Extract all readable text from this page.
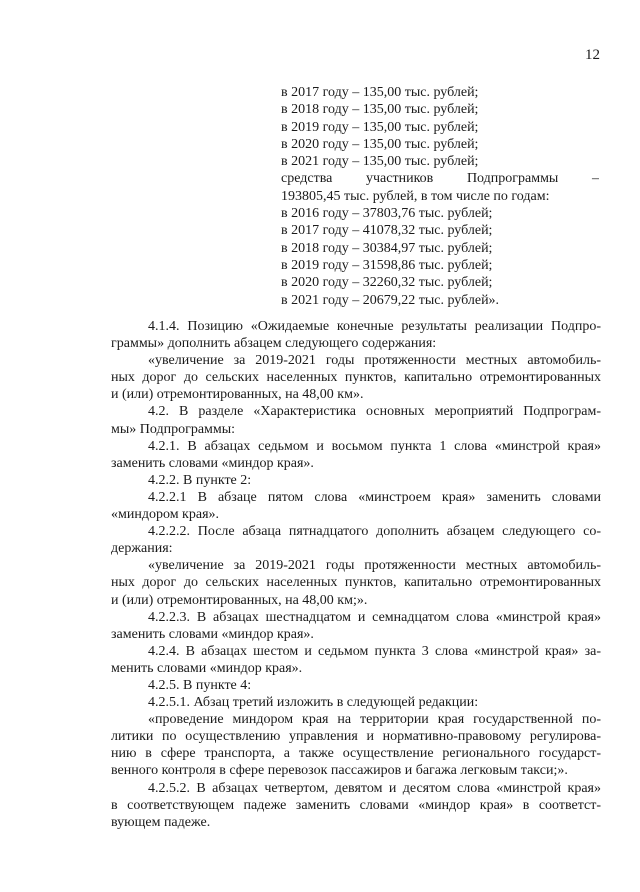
12
в 2017 году – 135,00 тыс. рублей;
в 2018 году – 135,00 тыс. рублей;
в 2019 году – 135,00 тыс. рублей;
в 2020 году – 135,00 тыс. рублей;
в 2021 году – 135,00 тыс. рублей;
средства участников Подпрограммы –
193805,45 тыс. рублей, в том числе по годам:
в 2016 году – 37803,76 тыс. рублей;
в 2017 году – 41078,32 тыс. рублей;
в 2018 году – 30384,97 тыс. рублей;
в 2019 году – 31598,86 тыс. рублей;
в 2020 году – 32260,32 тыс. рублей;
в 2021 году – 20679,22 тыс. рублей».
4.1.4. Позицию «Ожидаемые конечные результаты реализации Подпро-
граммы» дополнить абзацем следующего содержания:
«увеличение за 2019-2021 годы протяженности местных автомобиль-
ных дорог до сельских населенных пунктов, капитально отремонтированных
и (или) отремонтированных, на 48,00 км».
4.2. В разделе «Характеристика основных мероприятий Подпрограм-
мы» Подпрограммы:
4.2.1. В абзацах седьмом и восьмом пункта 1 слова «минстрой края»
заменить словами «миндор края».
4.2.2. В пункте 2:
4.2.2.1 В абзаце пятом слова «минстроем края» заменить словами
«миндором края».
4.2.2.2. После абзаца пятнадцатого дополнить абзацем следующего со-
держания:
«увеличение за 2019-2021 годы протяженности местных автомобиль-
ных дорог до сельских населенных пунктов, капитально отремонтированных
и (или) отремонтированных, на 48,00 км;».
4.2.2.3. В абзацах шестнадцатом и семнадцатом слова «минстрой края»
заменить словами «миндор края».
4.2.4. В абзацах шестом и седьмом пункта 3 слова «минстрой края» за-
менить словами «миндор края».
4.2.5. В пункте 4:
4.2.5.1. Абзац третий изложить в следующей редакции:
«проведение миндором края на территории края государственной по-
литики по осуществлению управления и нормативно-правовому регулирова-
нию в сфере транспорта, а также осуществление регионального государст-
венного контроля в сфере перевозок пассажиров и багажа легковым такси;».
4.2.5.2. В абзацах четвертом, девятом и десятом слова «минстрой края»
в соответствующем падеже заменить словами «миндор края» в соответст-
вующем падеже.
